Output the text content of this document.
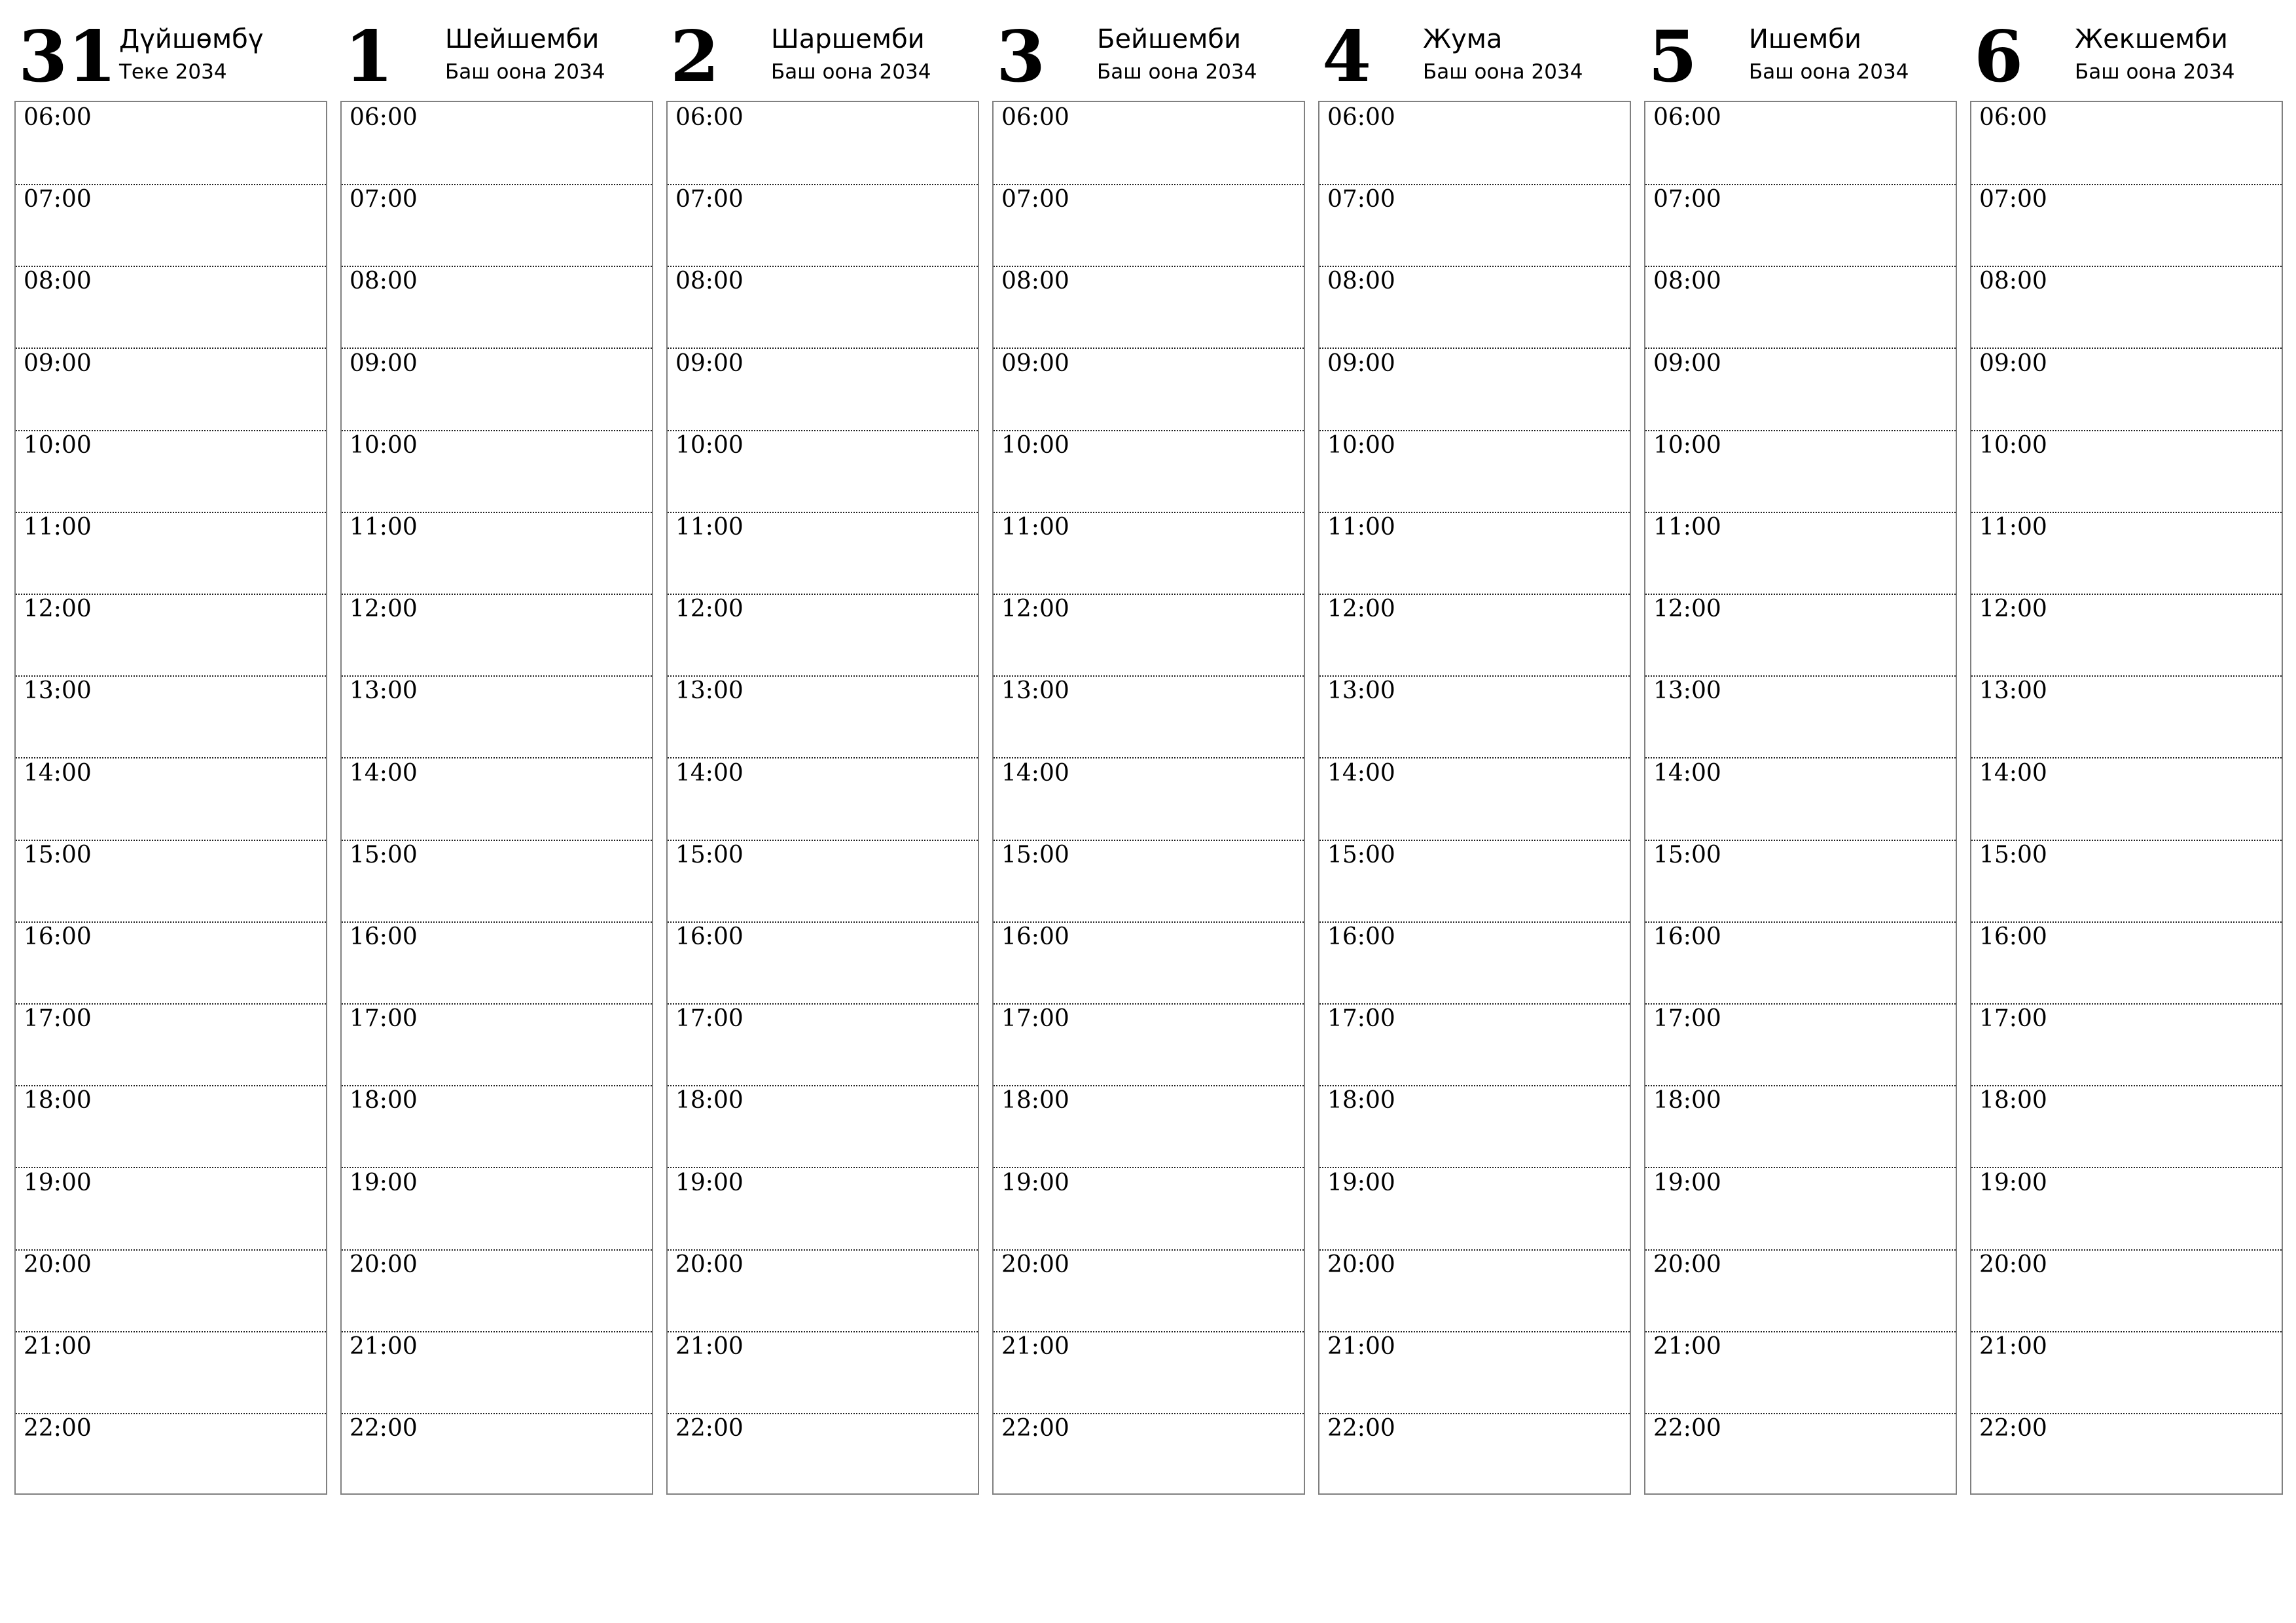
31 Дүйшөмбү
Теке 2034
06:00
07:00
08:00
09:00
10:00
11:00
12:00
13:00
14:00
15:00
16:00
17:00
18:00
19:00
20:00
21:00
22:00
1 Шейшемби
Баш оона 2034
06:00
07:00
08:00
09:00
10:00
11:00
12:00
13:00
14:00
15:00
16:00
17:00
18:00
19:00
20:00
21:00
22:00
2 Шаршемби
Баш оона 2034
06:00
07:00
08:00
09:00
10:00
11:00
12:00
13:00
14:00
15:00
16:00
17:00
18:00
19:00
20:00
21:00
22:00
3 Бейшемби
Баш оона 2034
06:00
07:00
08:00
09:00
10:00
11:00
12:00
13:00
14:00
15:00
16:00
17:00
18:00
19:00
20:00
21:00
22:00
4 Жума
Баш оона 2034
06:00
07:00
08:00
09:00
10:00
11:00
12:00
13:00
14:00
15:00
16:00
17:00
18:00
19:00
20:00
21:00
22:00
5 Ишемби
Баш оона 2034
06:00
07:00
08:00
09:00
10:00
11:00
12:00
13:00
14:00
15:00
16:00
17:00
18:00
19:00
20:00
21:00
22:00
6 Жекшемби
Баш оона 2034
06:00
07:00
08:00
09:00
10:00
11:00
12:00
13:00
14:00
15:00
16:00
17:00
18:00
19:00
20:00
21:00
22:00
